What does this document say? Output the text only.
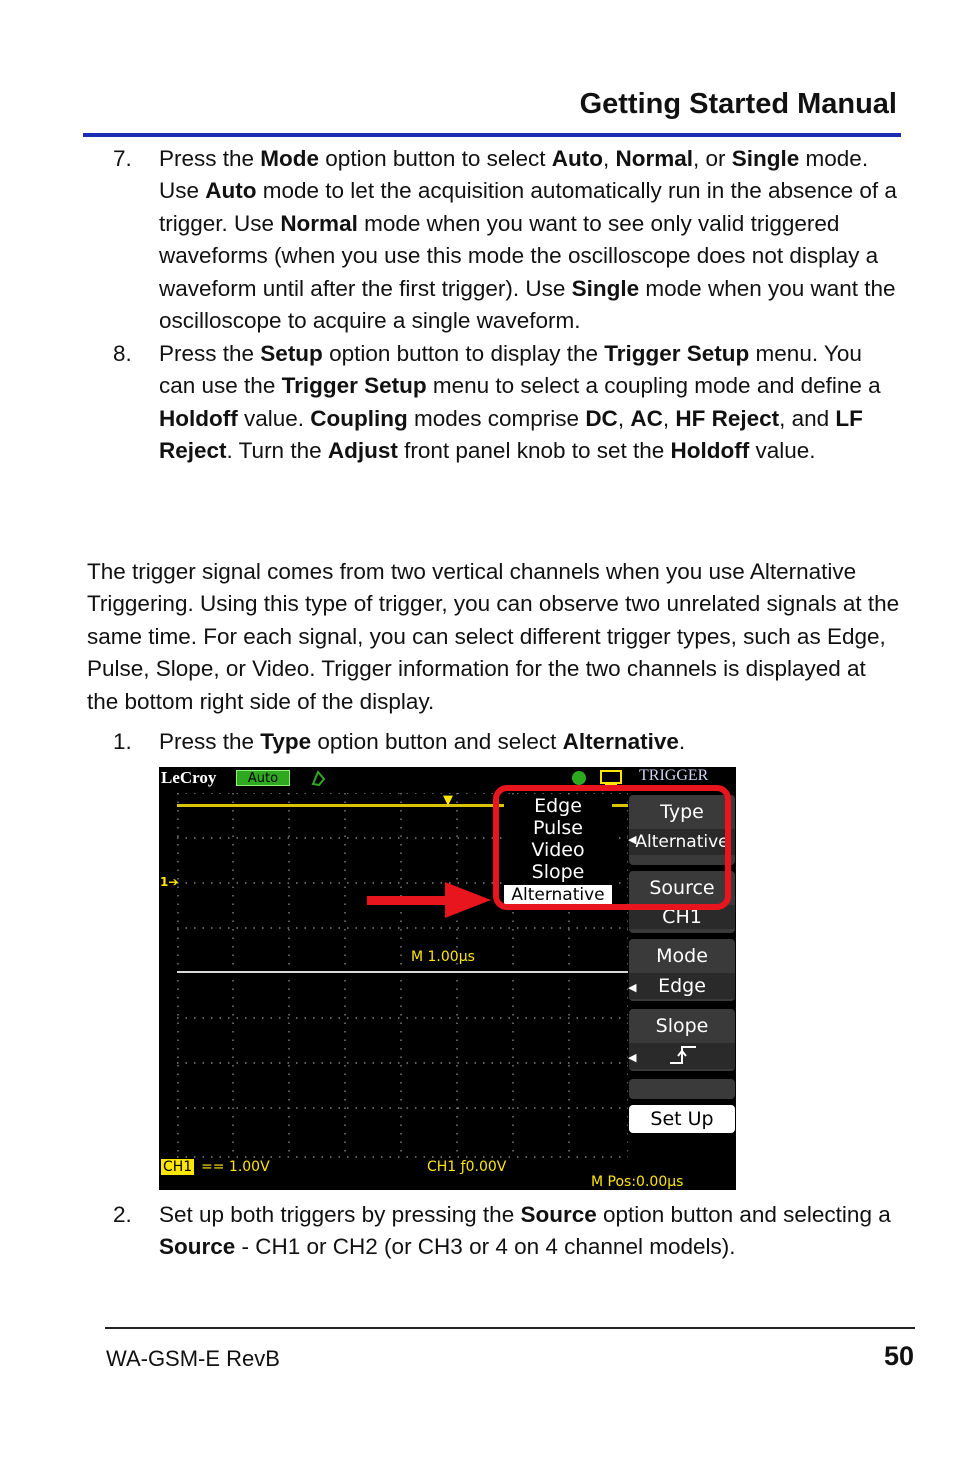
Getting Started Manual
7. Press the Mode option button to select Auto, Normal, or Single mode. Use Auto mode to let the acquisition automatically run in the absence of a trigger. Use Normal mode when you want to see only valid triggered waveforms (when you use this mode the oscilloscope does not display a waveform until after the first trigger). Use Single mode when you want the oscilloscope to acquire a single waveform.
8. Press the Setup option button to display the Trigger Setup menu. You can use the Trigger Setup menu to select a coupling mode and define a Holdoff value. Coupling modes comprise DC, AC, HF Reject, and LF Reject. Turn the Adjust front panel knob to set the Holdoff value.
The trigger signal comes from two vertical channels when you use Alternative Triggering. Using this type of trigger, you can observe two unrelated signals at the same time. For each signal, you can select different trigger types, such as Edge, Pulse, Slope, or Video. Trigger information for the two channels is displayed at the bottom right side of the display.
1. Press the Type option button and select Alternative.
LeCroy	Auto	TRIGGER
▼
1➔
M 1.00μs
Edge
Pulse
Video
Slope
Alternative
Type
Alternative
Source
CH1
Mode
Edge
Slope
Set Up
◀
◀
◀
CH1 == 1.00V	CH1 ƒ0.00V
M Pos:0.00μs
2. Set up both triggers by pressing the Source option button and selecting a Source - CH1 or CH2 (or CH3 or 4 on 4 channel models).
WA-GSM-E RevB	50
